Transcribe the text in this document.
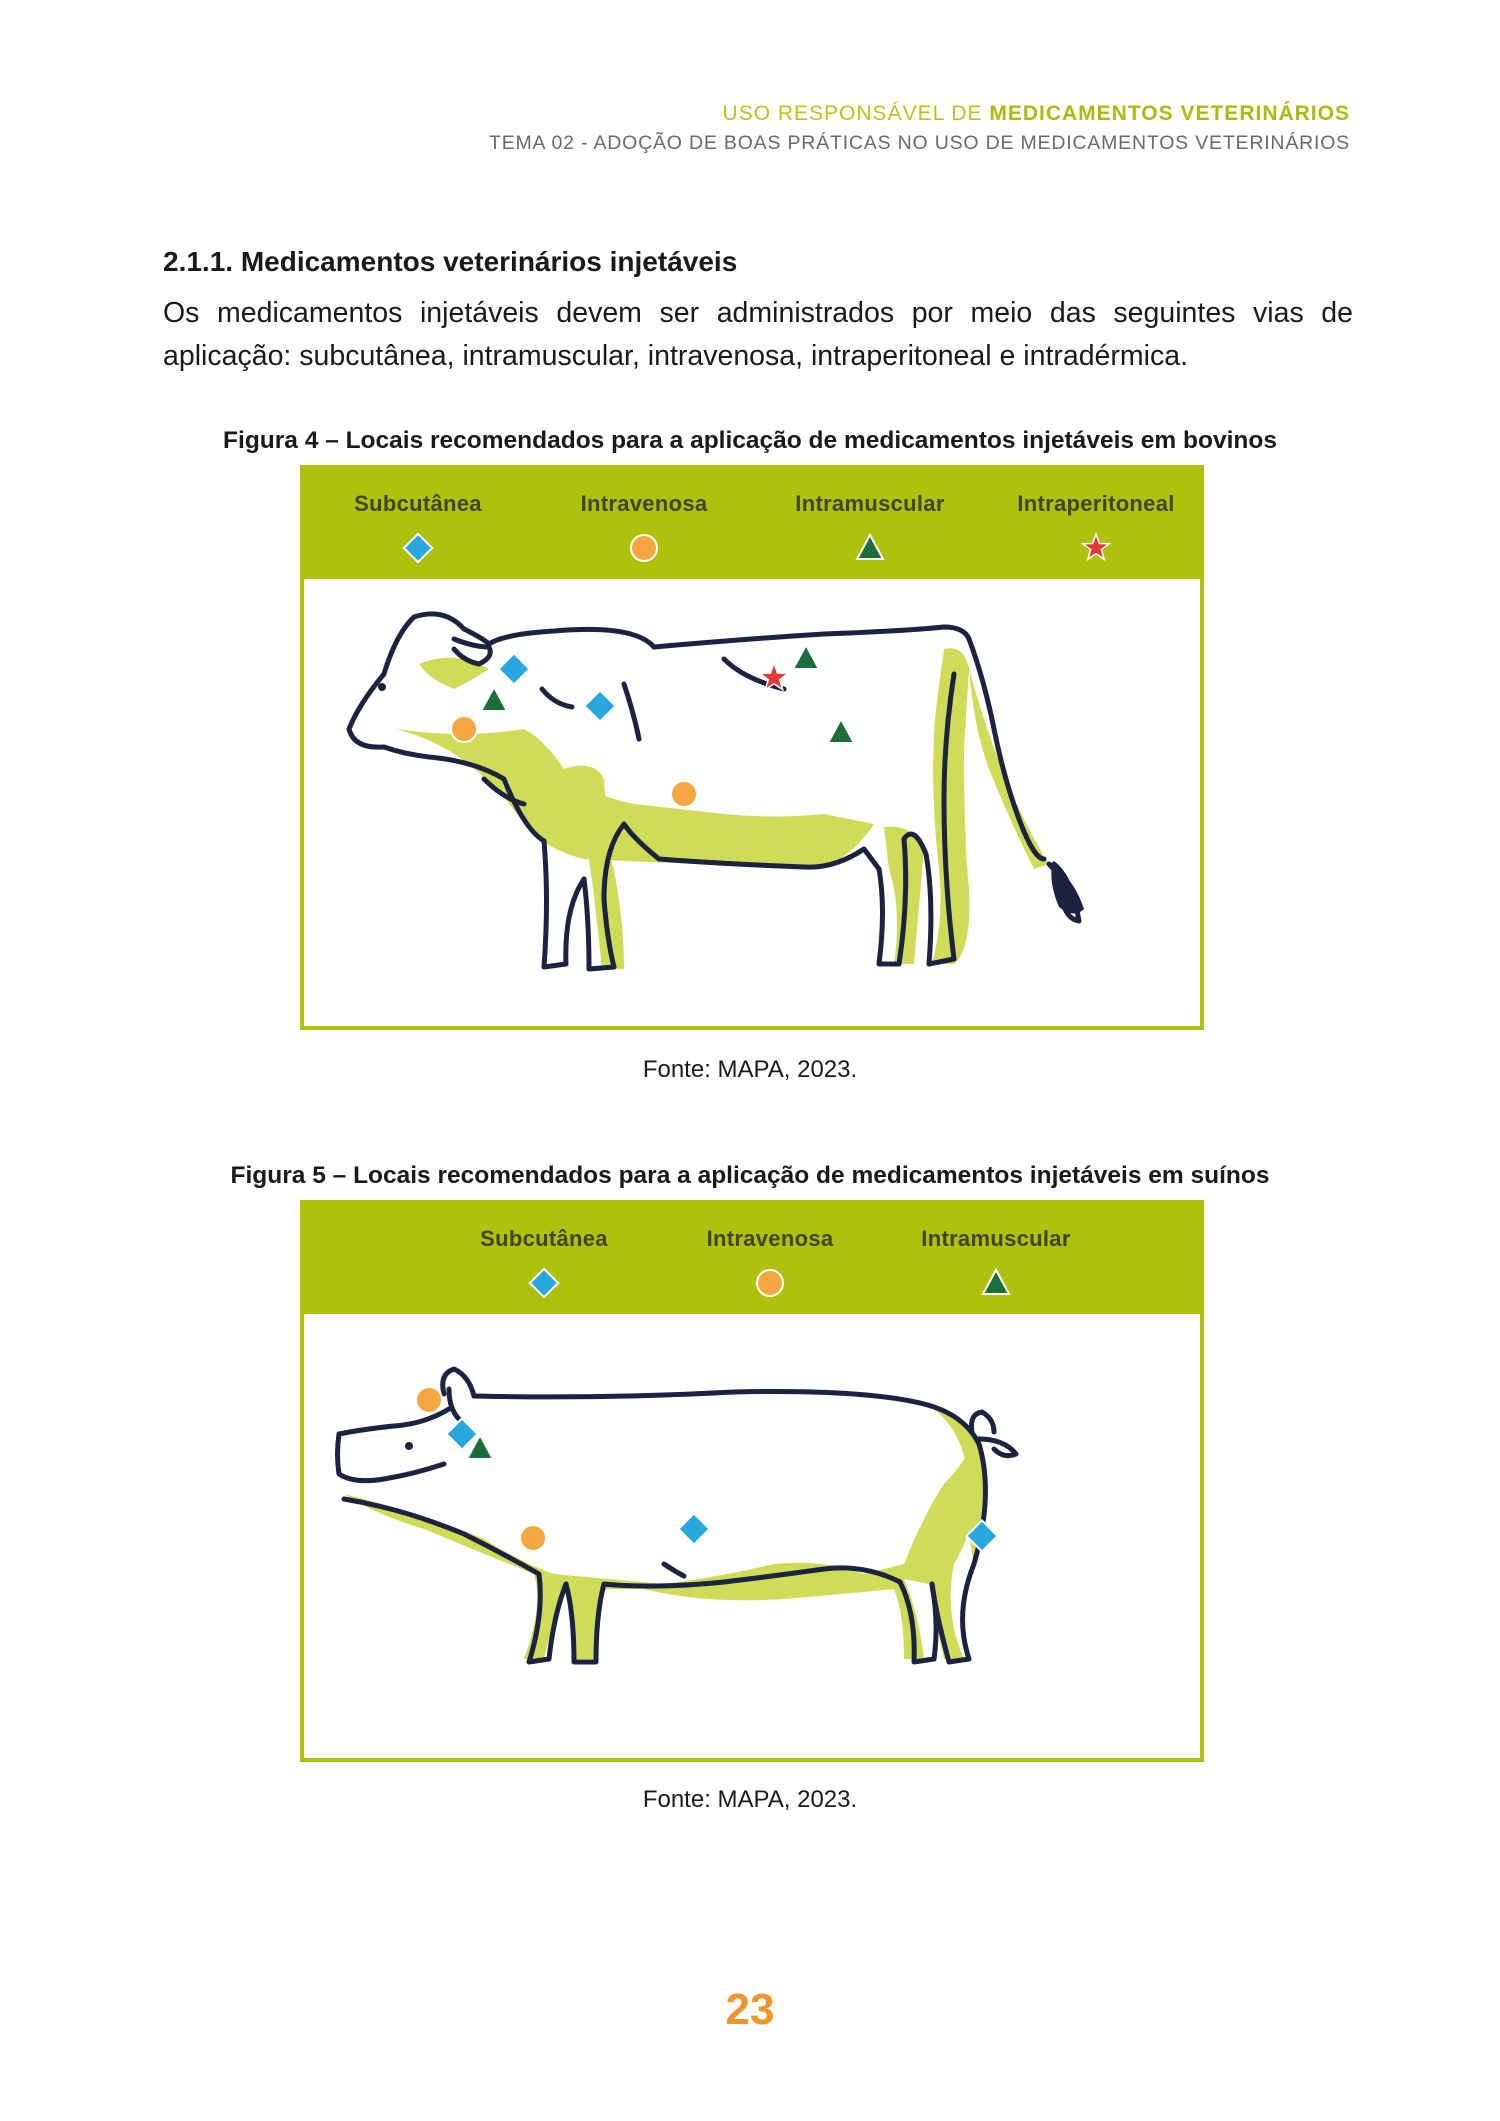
USO RESPONSÁVEL DE MEDICAMENTOS VETERINÁRIOS
TEMA 02 - ADOÇÃO DE BOAS PRÁTICAS NO USO DE MEDICAMENTOS VETERINÁRIOS
2.1.1. Medicamentos veterinários injetáveis
Os medicamentos injetáveis devem ser administrados por meio das seguintes vias de aplicação: subcutânea, intramuscular, intravenosa, intraperitoneal e intradérmica.
Figura 4 – Locais recomendados para a aplicação de medicamentos injetáveis em bovinos
Subcutânea	Intravenosa	Intramuscular	Intraperitoneal
Fonte: MAPA, 2023.
Figura 5 – Locais recomendados para a aplicação de medicamentos injetáveis em suínos
Subcutânea	Intravenosa	Intramuscular
Fonte: MAPA, 2023.
23
